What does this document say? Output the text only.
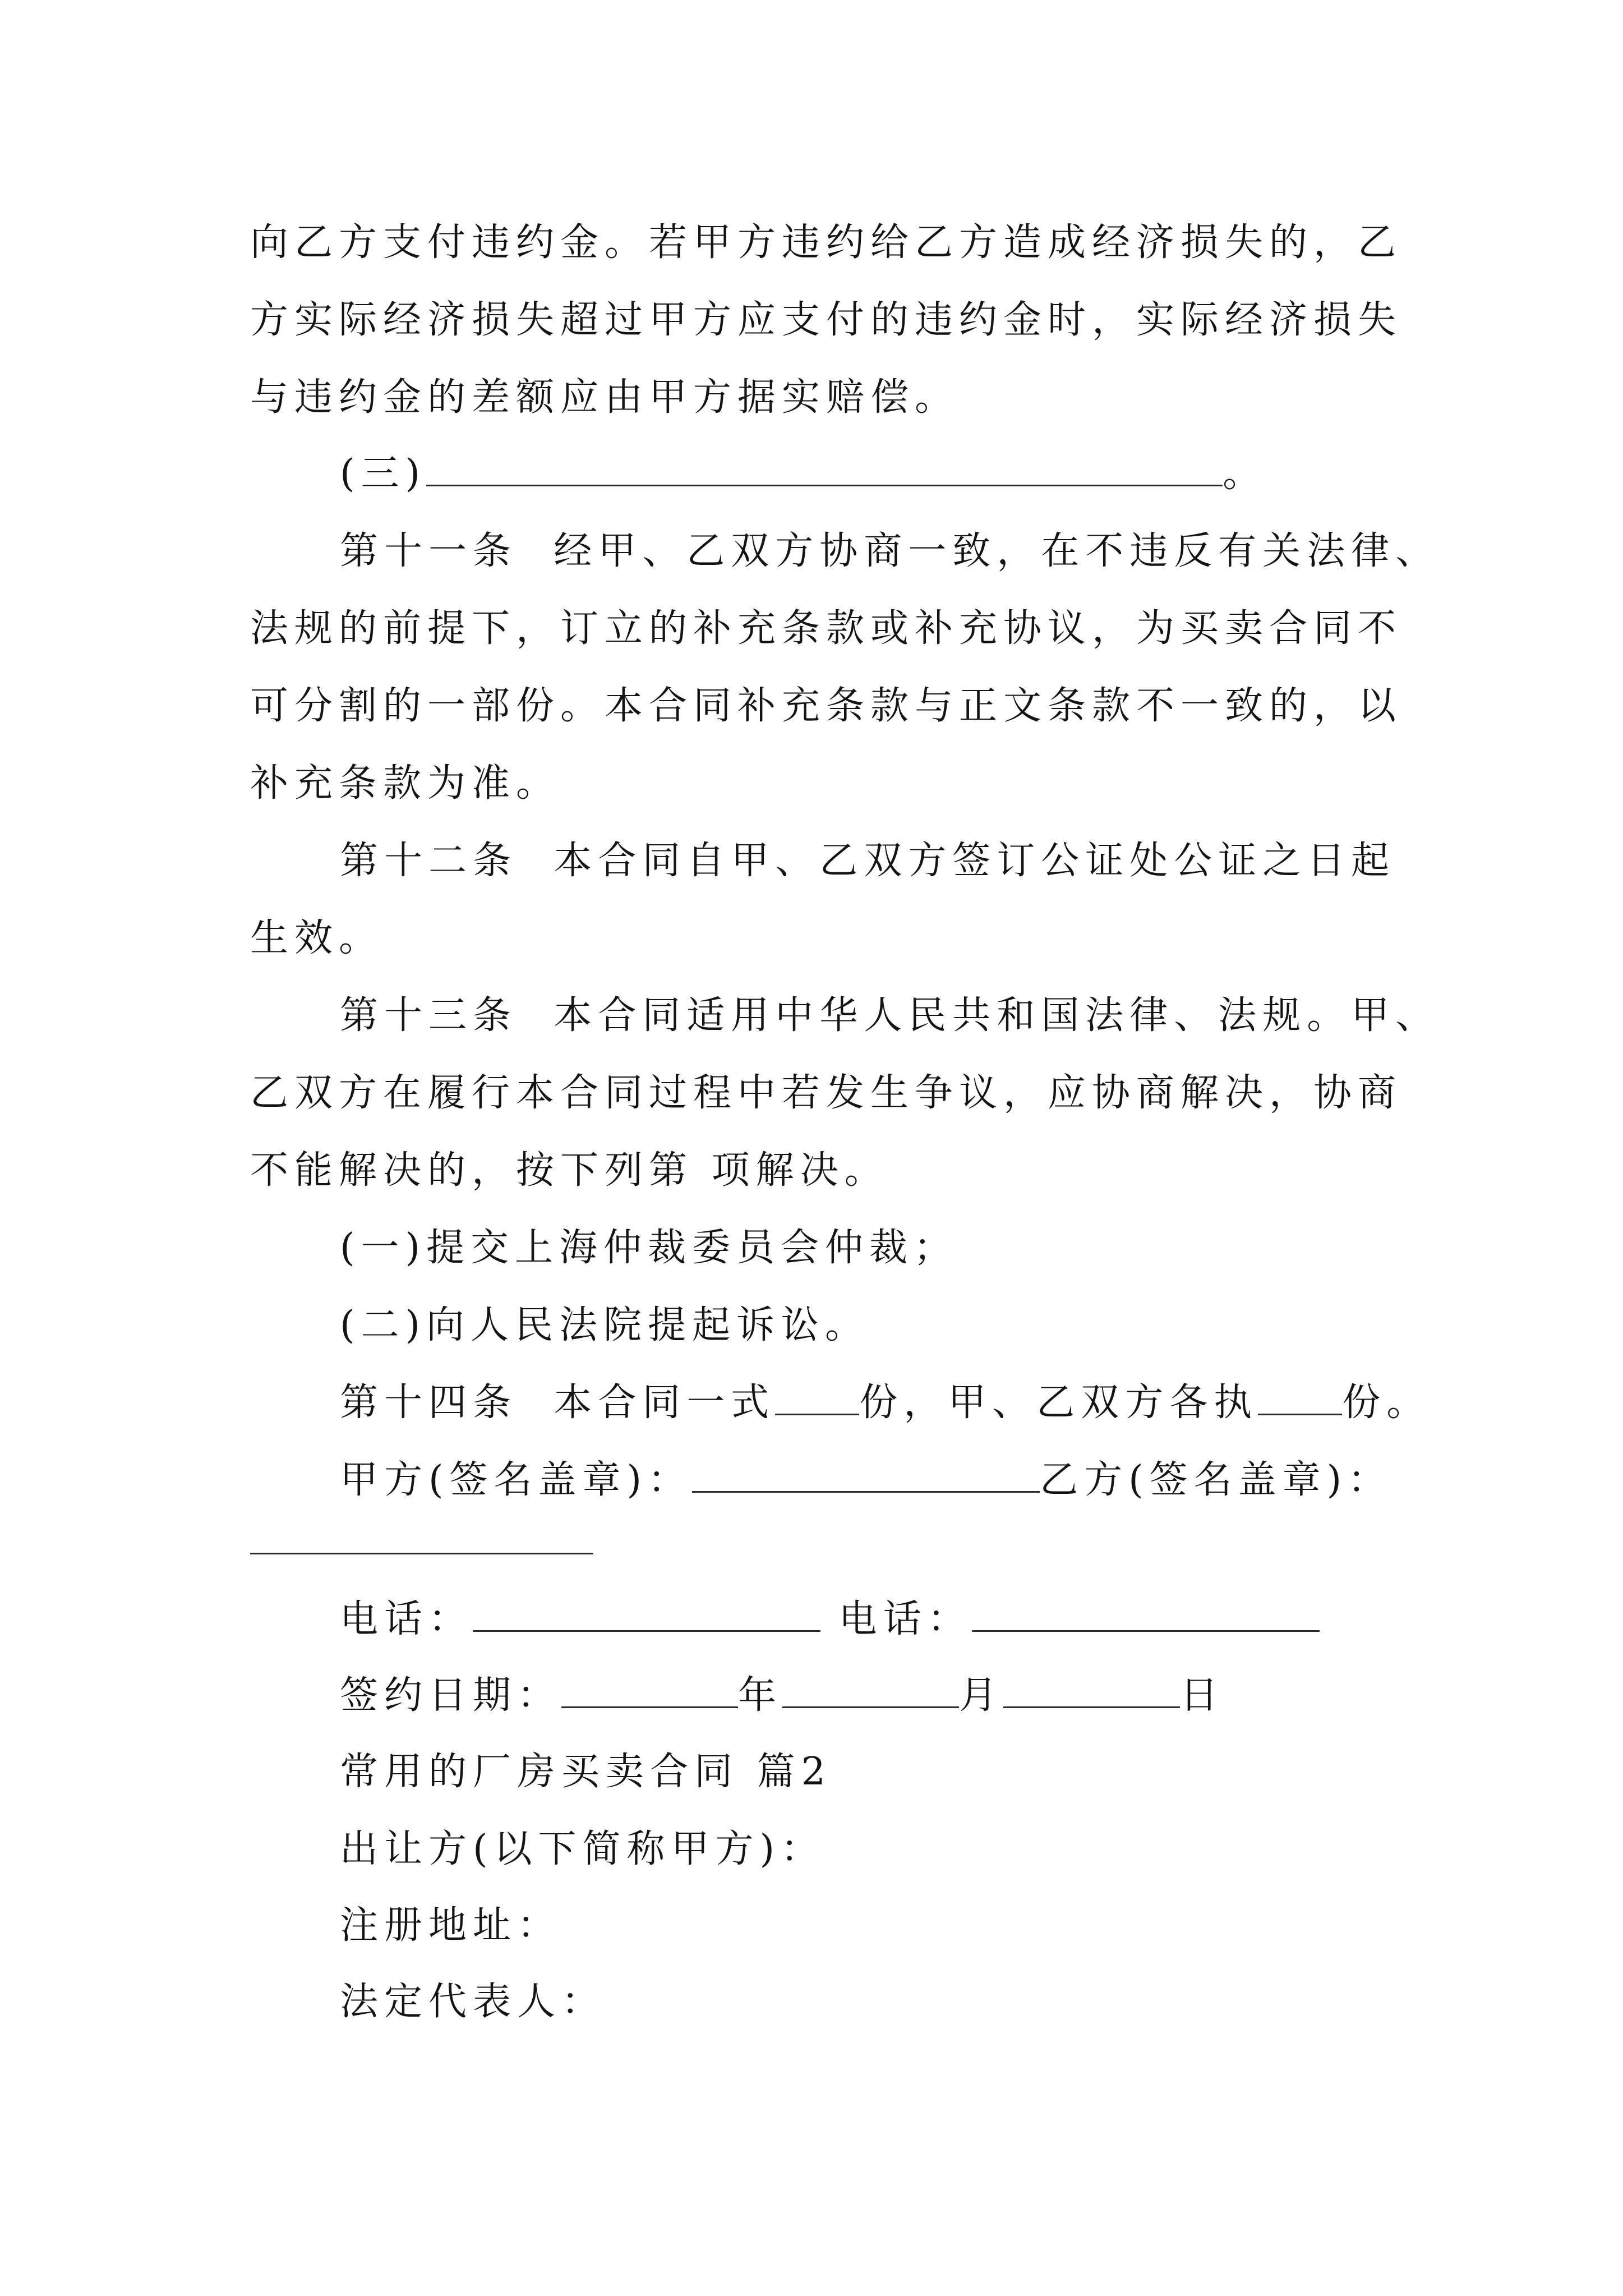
向乙方支付违约金。若甲方违约给乙方造成经济损失的，乙

方实际经济损失超过甲方应支付的违约金时，实际经济损失

与违约金的差额应由甲方据实赔偿。

(三)	。

第十一条  经甲、乙双方协商一致，在不违反有关法律、

法规的前提下，订立的补充条款或补充协议，为买卖合同不

可分割的一部份。本合同补充条款与正文条款不一致的，以

补充条款为准。

第十二条  本合同自甲、乙双方签订公证处公证之日起

生效。

第十三条  本合同适用中华人民共和国法律、法规。甲、

乙双方在履行本合同过程中若发生争议，应协商解决，协商

不能解决的，按下列第 项解决。

(一)提交上海仲裁委员会仲裁；

(二)向人民法院提起诉讼。

第十四条  本合同一式 份，甲、乙双方各执 份。

甲方(签名盖章)：	乙方(签名盖章)：

电话：	电话：

签约日期：	年	月	日

常用的厂房买卖合同 篇2

出让方(以下简称甲方)：

注册地址：

法定代表人：
